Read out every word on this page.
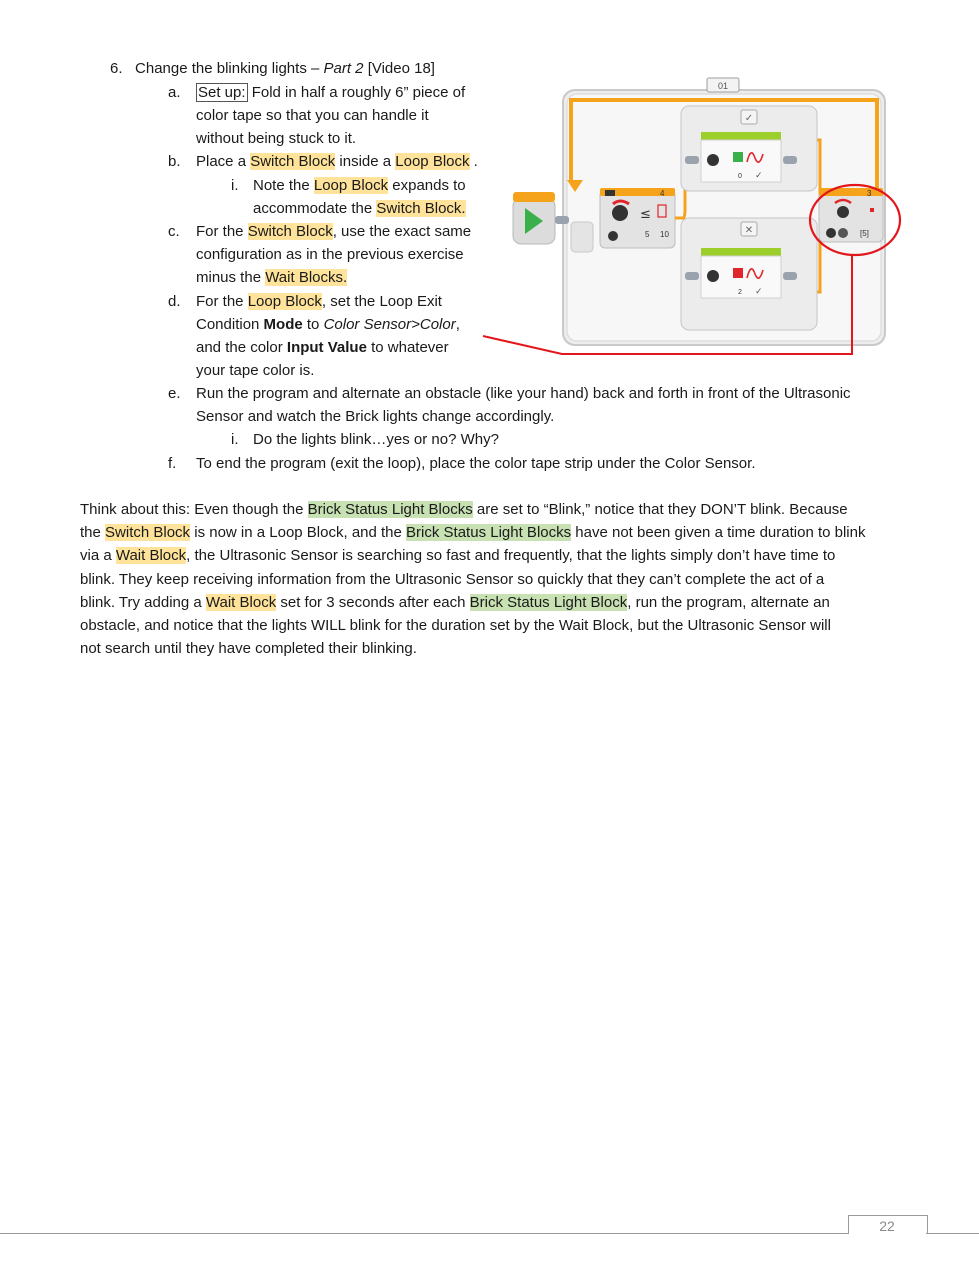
6. Change the blinking lights – Part 2 [Video 18]
a. Set up: Fold in half a roughly 6” piece of
color tape so that you can handle it
without being stuck to it.
b. Place a Switch Block inside a Loop Block .
i. Note the Loop Block expands to
accommodate the Switch Block.
c. For the Switch Block, use the exact same
configuration as in the previous exercise
minus the Wait Blocks.
d. For the Loop Block, set the Loop Exit
Condition Mode to Color Sensor>Color,
and the color Input Value to whatever
your tape color is.
e. Run the program and alternate an obstacle (like your hand) back and forth in front of the Ultrasonic
Sensor and watch the Brick lights change accordingly.
i. Do the lights blink…yes or no? Why?
f. To end the program (exit the loop), place the color tape strip under the Color Sensor.
Think about this: Even though the Brick Status Light Blocks are set to “Blink,” notice that they DON’T blink. Because
the Switch Block is now in a Loop Block, and the Brick Status Light Blocks have not been given a time duration to blink
via a Wait Block, the Ultrasonic Sensor is searching so fast and frequently, that the lights simply don’t have time to
blink. They keep receiving information from the Ultrasonic Sensor so quickly that they can’t complete the act of a
blink. Try adding a Wait Block set for 3 seconds after each Brick Status Light Block, run the program, alternate an
obstacle, and notice that the lights WILL blink for the duration set by the Wait Block, but the Ultrasonic Sensor will
not search until they have completed their blinking.
01
4
≤
5 10
✓
0 ✓
✕
2 ✓
3
[5]
22
